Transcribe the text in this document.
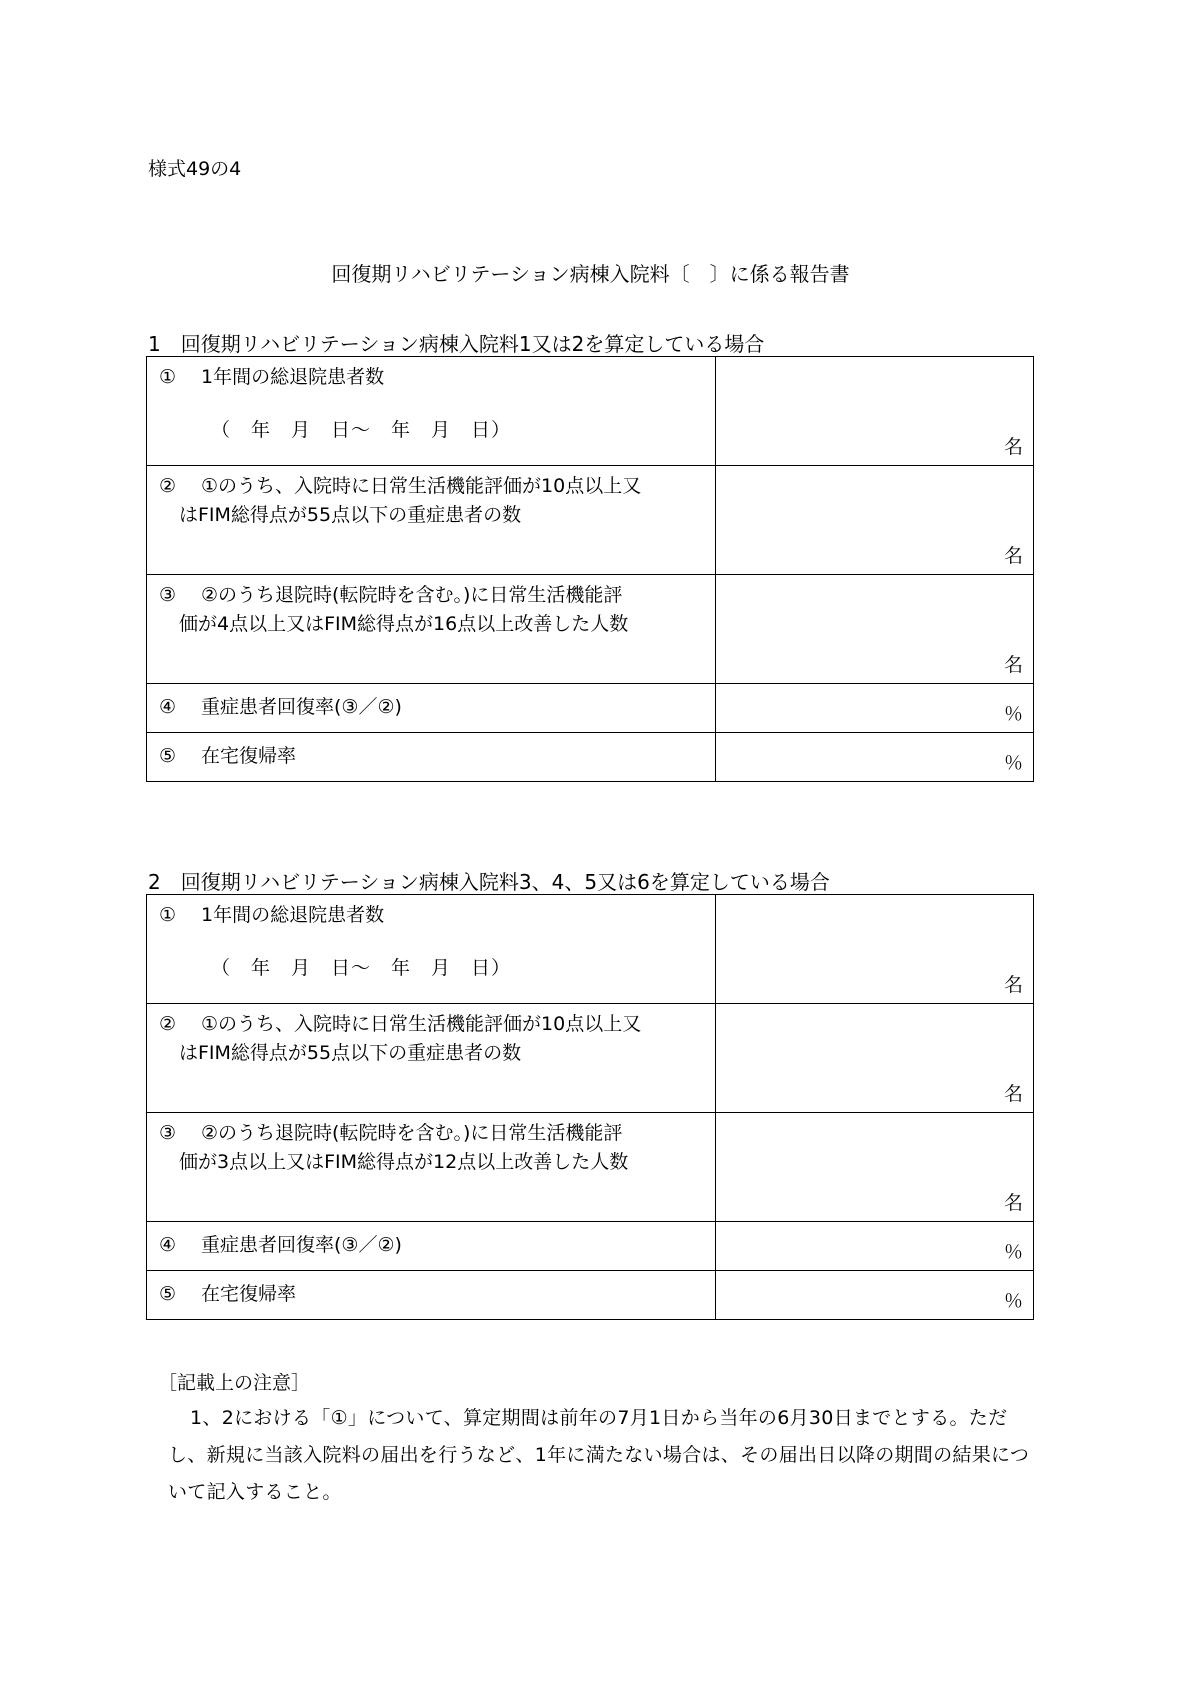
様式49の4
回復期リハビリテーション病棟入院料〔　〕に係る報告書
1　回復期リハビリテーション病棟入院料1又は2を算定している場合
① 1年間の総退院患者数
（　年　月　日～　年　月　日）	名

② ①のうち、入院時に日常生活機能評価が10点以上又
はFIM総得点が55点以下の重症患者の数	名

③ ②のうち退院時(転院時を含む。)に日常生活機能評
価が4点以上又はFIM総得点が16点以上改善した人数	名

④ 重症患者回復率(③／②)	％

⑤ 在宅復帰率	％
2　回復期リハビリテーション病棟入院料3、4、5又は6を算定している場合
① 1年間の総退院患者数
（　年　月　日～　年　月　日）	名

② ①のうち、入院時に日常生活機能評価が10点以上又
はFIM総得点が55点以下の重症患者の数	名

③ ②のうち退院時(転院時を含む。)に日常生活機能評
価が3点以上又はFIM総得点が12点以上改善した人数	名

④ 重症患者回復率(③／②)	％

⑤ 在宅復帰率	％
［記載上の注意］
1、2における「①」について、算定期間は前年の7月1日から当年の6月30日までとする。ただし、新規に当該入院料の届出を行うなど、1年に満たない場合は、その届出日以降の期間の結果について記入すること。
